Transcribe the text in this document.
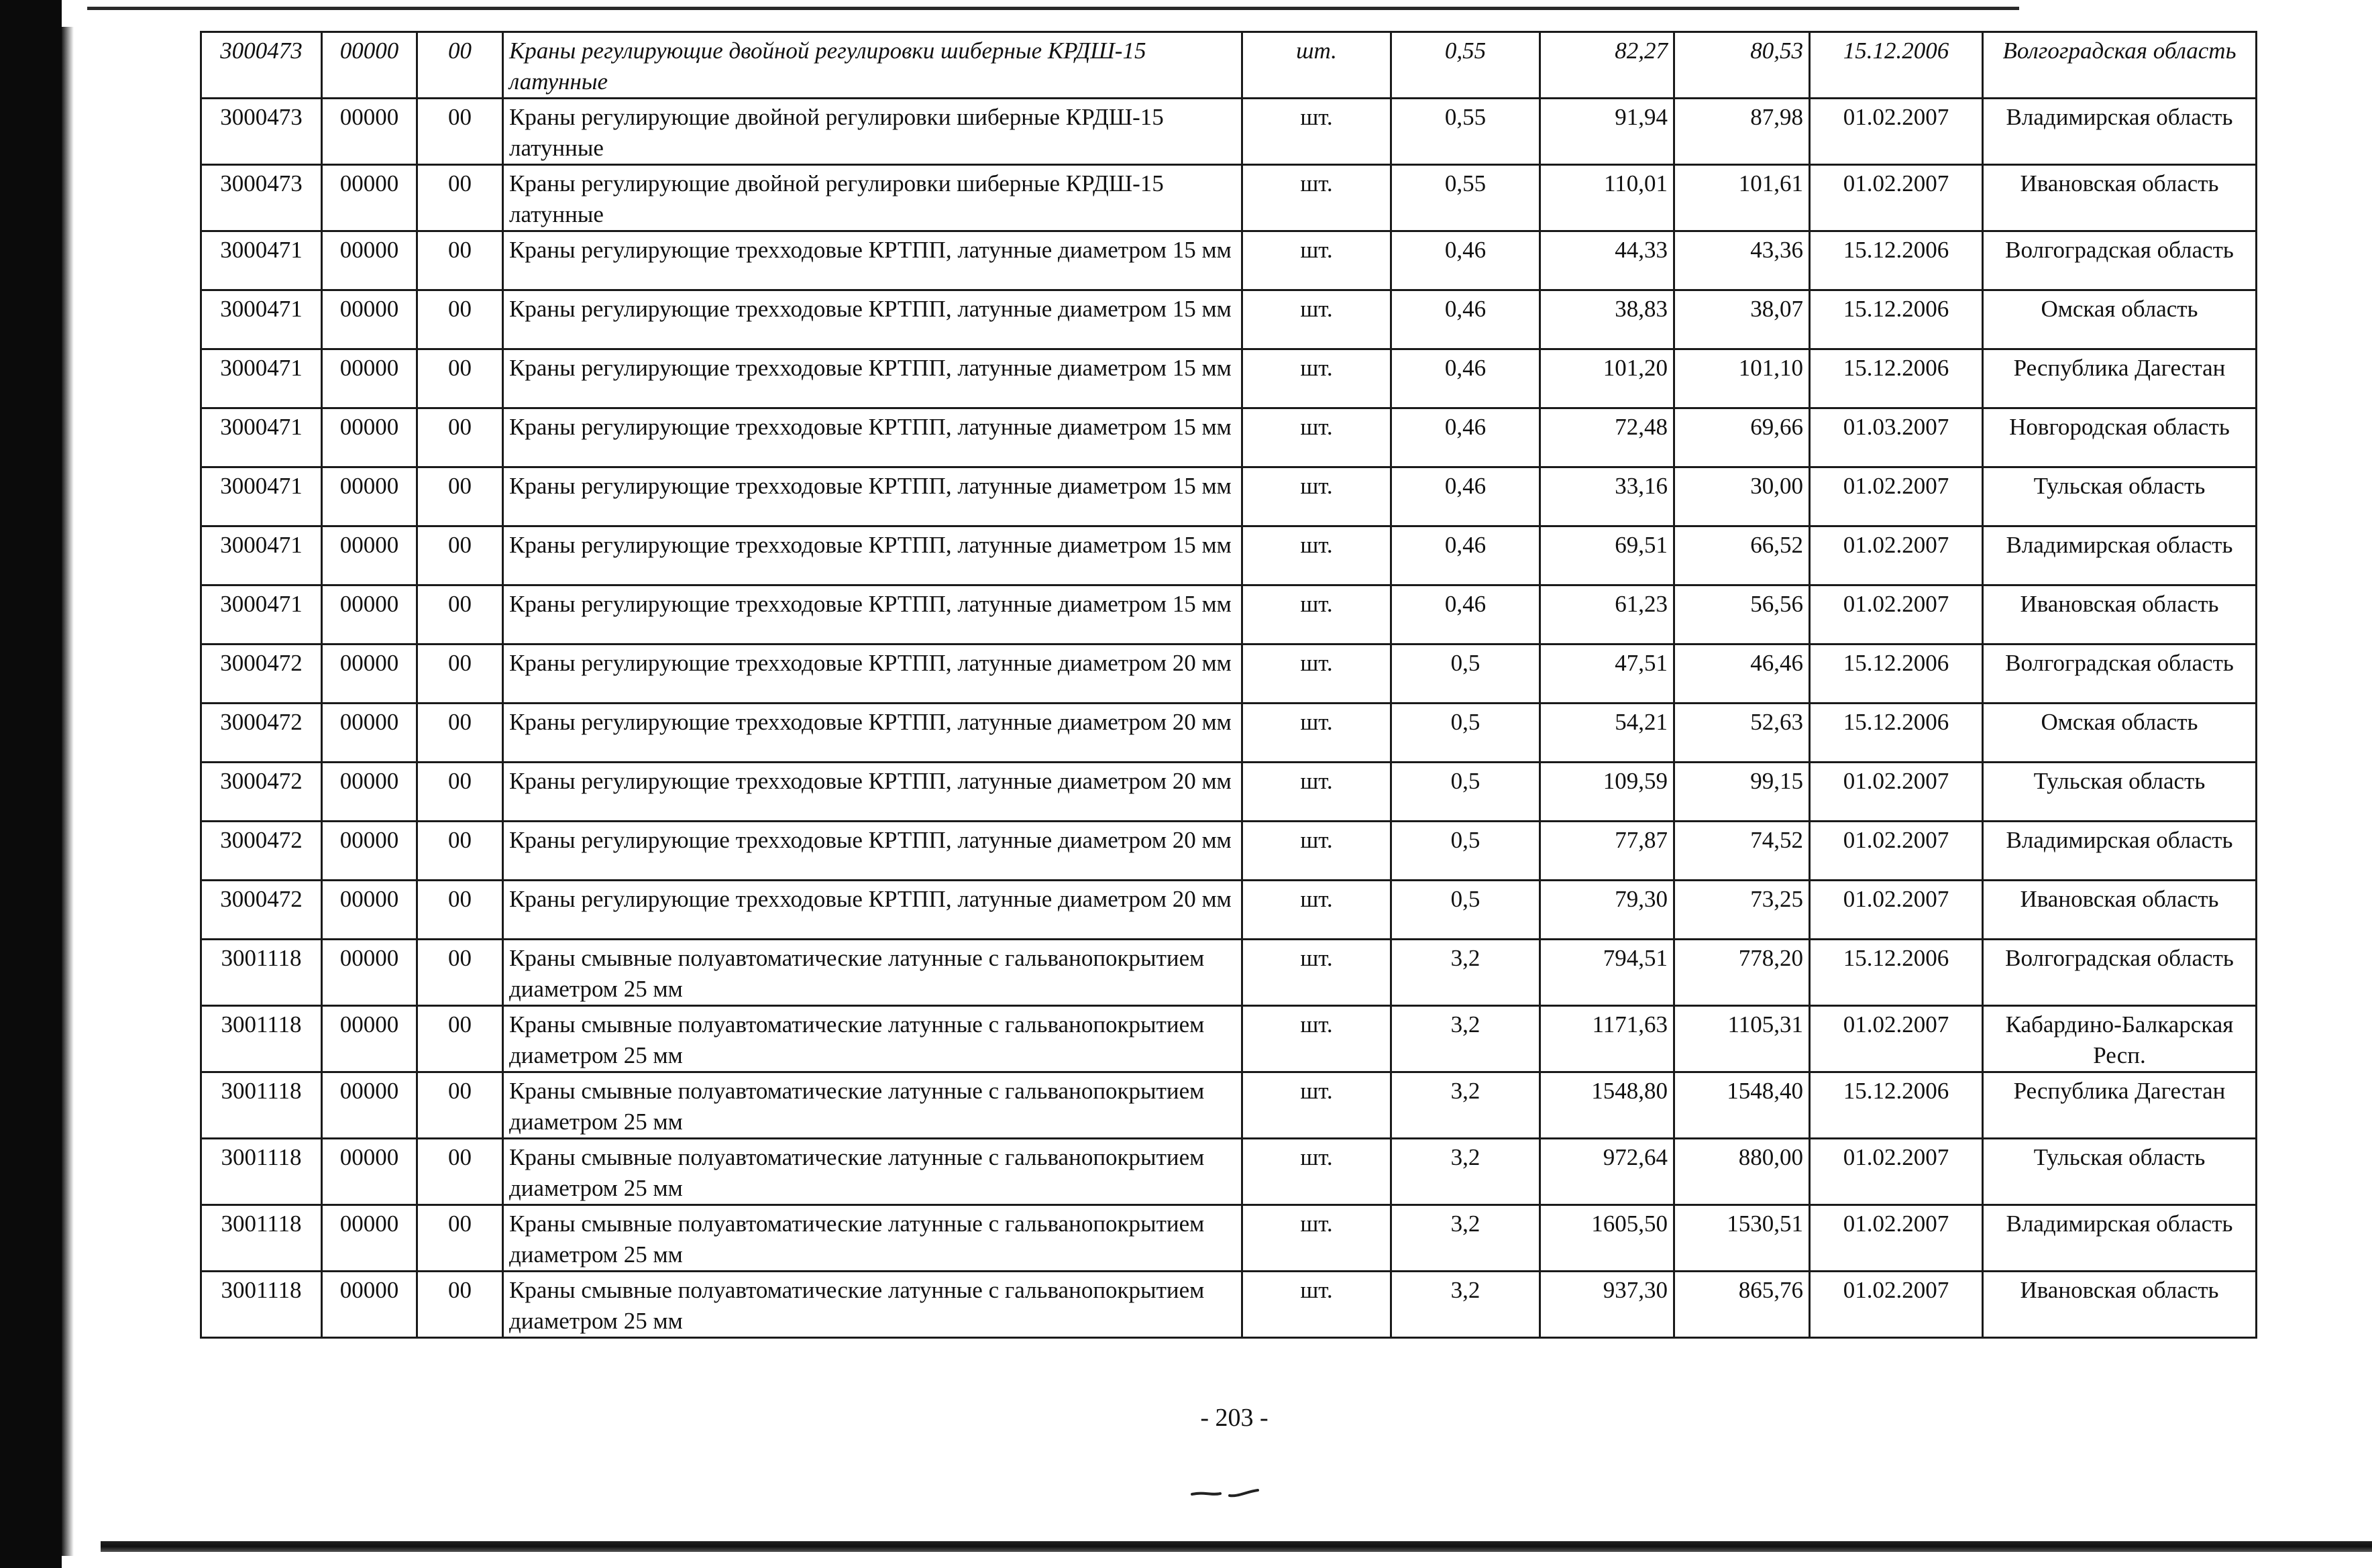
3000473	00000	00	Краны регулирующие двойной регулировки шиберные КРДШ-15 латунные	шт.	0,55	82,27	80,53	15.12.2006	Волгоградская область
3000473	00000	00	Краны регулирующие двойной регулировки шиберные КРДШ-15 латунные	шт.	0,55	91,94	87,98	01.02.2007	Владимирская область
3000473	00000	00	Краны регулирующие двойной регулировки шиберные КРДШ-15 латунные	шт.	0,55	110,01	101,61	01.02.2007	Ивановская область
3000471	00000	00	Краны регулирующие трехходовые КРТПП, латунные диаметром 15 мм	шт.	0,46	44,33	43,36	15.12.2006	Волгоградская область
3000471	00000	00	Краны регулирующие трехходовые КРТПП, латунные диаметром 15 мм	шт.	0,46	38,83	38,07	15.12.2006	Омская область
3000471	00000	00	Краны регулирующие трехходовые КРТПП, латунные диаметром 15 мм	шт.	0,46	101,20	101,10	15.12.2006	Республика Дагестан
3000471	00000	00	Краны регулирующие трехходовые КРТПП, латунные диаметром 15 мм	шт.	0,46	72,48	69,66	01.03.2007	Новгородская область
3000471	00000	00	Краны регулирующие трехходовые КРТПП, латунные диаметром 15 мм	шт.	0,46	33,16	30,00	01.02.2007	Тульская область
3000471	00000	00	Краны регулирующие трехходовые КРТПП, латунные диаметром 15 мм	шт.	0,46	69,51	66,52	01.02.2007	Владимирская область
3000471	00000	00	Краны регулирующие трехходовые КРТПП, латунные диаметром 15 мм	шт.	0,46	61,23	56,56	01.02.2007	Ивановская область
3000472	00000	00	Краны регулирующие трехходовые КРТПП, латунные диаметром 20 мм	шт.	0,5	47,51	46,46	15.12.2006	Волгоградская область
3000472	00000	00	Краны регулирующие трехходовые КРТПП, латунные диаметром 20 мм	шт.	0,5	54,21	52,63	15.12.2006	Омская область
3000472	00000	00	Краны регулирующие трехходовые КРТПП, латунные диаметром 20 мм	шт.	0,5	109,59	99,15	01.02.2007	Тульская область
3000472	00000	00	Краны регулирующие трехходовые КРТПП, латунные диаметром 20 мм	шт.	0,5	77,87	74,52	01.02.2007	Владимирская область
3000472	00000	00	Краны регулирующие трехходовые КРТПП, латунные диаметром 20 мм	шт.	0,5	79,30	73,25	01.02.2007	Ивановская область
3001118	00000	00	Краны смывные полуавтоматические латунные с гальванопокрытием диаметром 25 мм	шт.	3,2	794,51	778,20	15.12.2006	Волгоградская область
3001118	00000	00	Краны смывные полуавтоматические латунные с гальванопокрытием диаметром 25 мм	шт.	3,2	1171,63	1105,31	01.02.2007	Кабардино-Балкарская Респ.
3001118	00000	00	Краны смывные полуавтоматические латунные с гальванопокрытием диаметром 25 мм	шт.	3,2	1548,80	1548,40	15.12.2006	Республика Дагестан
3001118	00000	00	Краны смывные полуавтоматические латунные с гальванопокрытием диаметром 25 мм	шт.	3,2	972,64	880,00	01.02.2007	Тульская область
3001118	00000	00	Краны смывные полуавтоматические латунные с гальванопокрытием диаметром 25 мм	шт.	3,2	1605,50	1530,51	01.02.2007	Владимирская область
3001118	00000	00	Краны смывные полуавтоматические латунные с гальванопокрытием диаметром 25 мм	шт.	3,2	937,30	865,76	01.02.2007	Ивановская область
- 203 -
